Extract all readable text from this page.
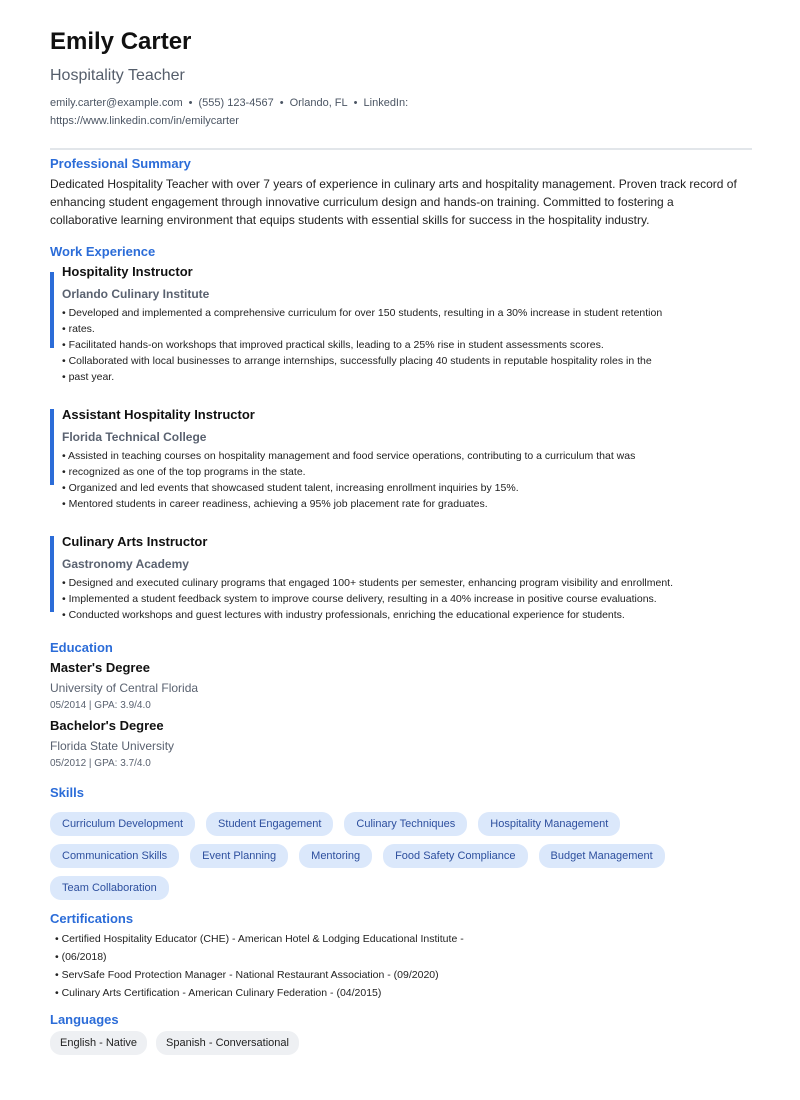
Emily Carter
Hospitality Teacher
emily.carter@example.com • (555) 123-4567 • Orlando, FL • LinkedIn:
https://www.linkedin.com/in/emilycarter
Professional Summary
Dedicated Hospitality Teacher with over 7 years of experience in culinary arts and hospitality management. Proven track record of enhancing student engagement through innovative curriculum design and hands-on training. Committed to fostering a collaborative learning environment that equips students with essential skills for success in the hospitality industry.
Work Experience
Hospitality Instructor
Orlando Culinary Institute
• Developed and implemented a comprehensive curriculum for over 150 students, resulting in a 30% increase in student retention
• rates.
• Facilitated hands-on workshops that improved practical skills, leading to a 25% rise in student assessments scores.
• Collaborated with local businesses to arrange internships, successfully placing 40 students in reputable hospitality roles in the
• past year.
Assistant Hospitality Instructor
Florida Technical College
• Assisted in teaching courses on hospitality management and food service operations, contributing to a curriculum that was
• recognized as one of the top programs in the state.
• Organized and led events that showcased student talent, increasing enrollment inquiries by 15%.
• Mentored students in career readiness, achieving a 95% job placement rate for graduates.
Culinary Arts Instructor
Gastronomy Academy
• Designed and executed culinary programs that engaged 100+ students per semester, enhancing program visibility and enrollment.
• Implemented a student feedback system to improve course delivery, resulting in a 40% increase in positive course evaluations.
• Conducted workshops and guest lectures with industry professionals, enriching the educational experience for students.
Education
Master's Degree
University of Central Florida
05/2014 | GPA: 3.9/4.0
Bachelor's Degree
Florida State University
05/2012 | GPA: 3.7/4.0
Skills
Curriculum Development	Student Engagement	Culinary Techniques	Hospitality Management
Communication Skills	Event Planning	Mentoring	Food Safety Compliance	Budget Management
Team Collaboration
Certifications
• Certified Hospitality Educator (CHE) - American Hotel & Lodging Educational Institute -
• (06/2018)
• ServSafe Food Protection Manager - National Restaurant Association - (09/2020)
• Culinary Arts Certification - American Culinary Federation - (04/2015)
Languages
English - Native	Spanish - Conversational
